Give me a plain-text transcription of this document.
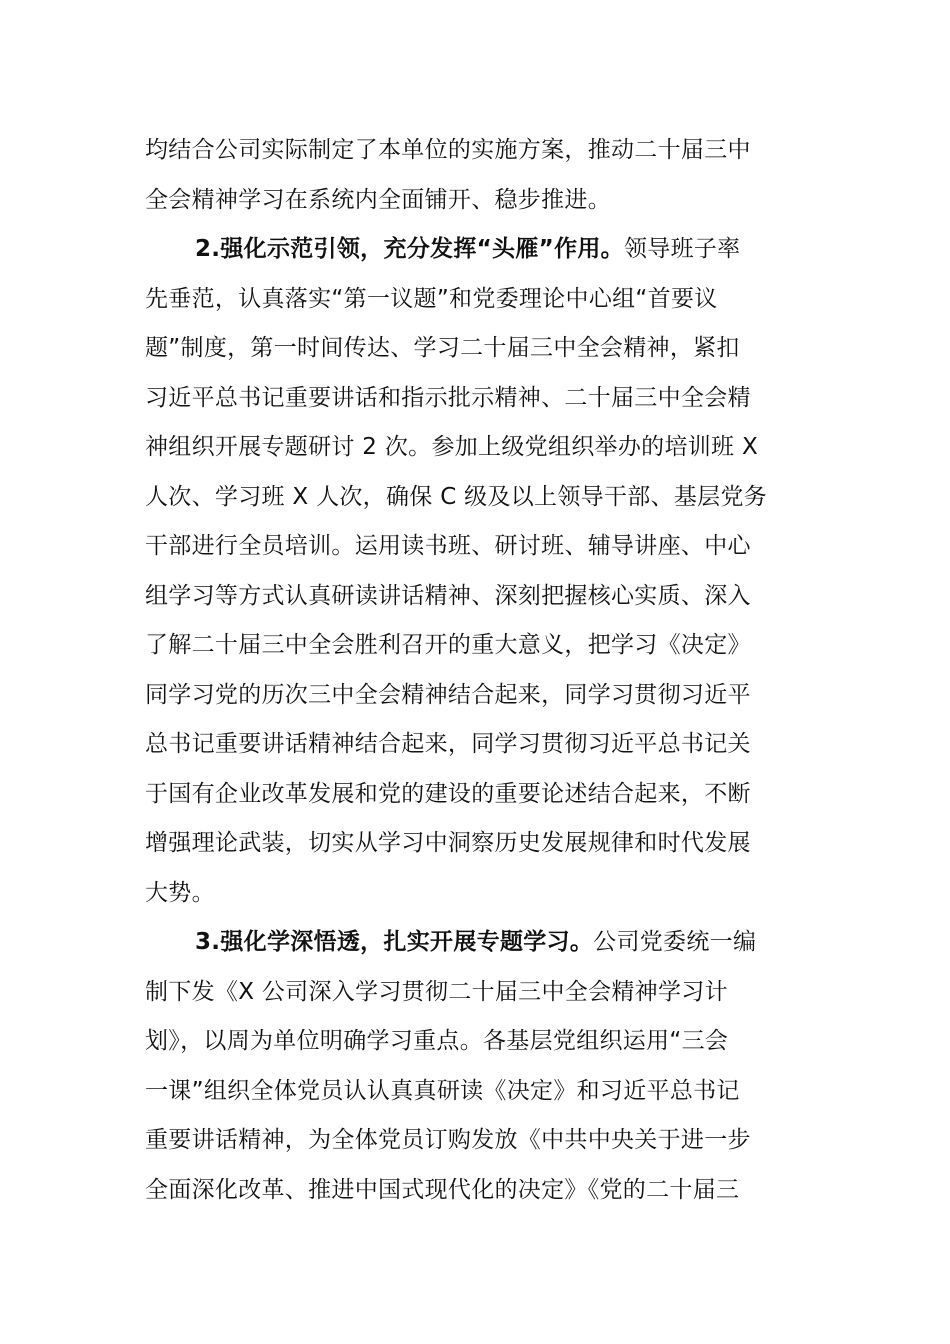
均结合公司实际制定了本单位的实施方案，推动二十届三中
全会精神学习在系统内全面铺开、稳步推进。
2.强化示范引领，充分发挥“头雁”作用。领导班子率
先垂范，认真落实“第一议题”和党委理论中心组“首要议
题”制度，第一时间传达、学习二十届三中全会精神，紧扣
习近平总书记重要讲话和指示批示精神、二十届三中全会精
神组织开展专题研讨 2 次。参加上级党组织举办的培训班 X
人次、学习班 X 人次，确保 C 级及以上领导干部、基层党务
干部进行全员培训。运用读书班、研讨班、辅导讲座、中心
组学习等方式认真研读讲话精神、深刻把握核心实质、深入
了解二十届三中全会胜利召开的重大意义，把学习《决定》
同学习党的历次三中全会精神结合起来，同学习贯彻习近平
总书记重要讲话精神结合起来，同学习贯彻习近平总书记关
于国有企业改革发展和党的建设的重要论述结合起来，不断
增强理论武装，切实从学习中洞察历史发展规律和时代发展
大势。
3.强化学深悟透，扎实开展专题学习。公司党委统一编
制下发《X 公司深入学习贯彻二十届三中全会精神学习计
划》，以周为单位明确学习重点。各基层党组织运用“三会
一课”组织全体党员认认真真研读《决定》和习近平总书记
重要讲话精神，为全体党员订购发放《中共中央关于进一步
全面深化改革、推进中国式现代化的决定》《党的二十届三
